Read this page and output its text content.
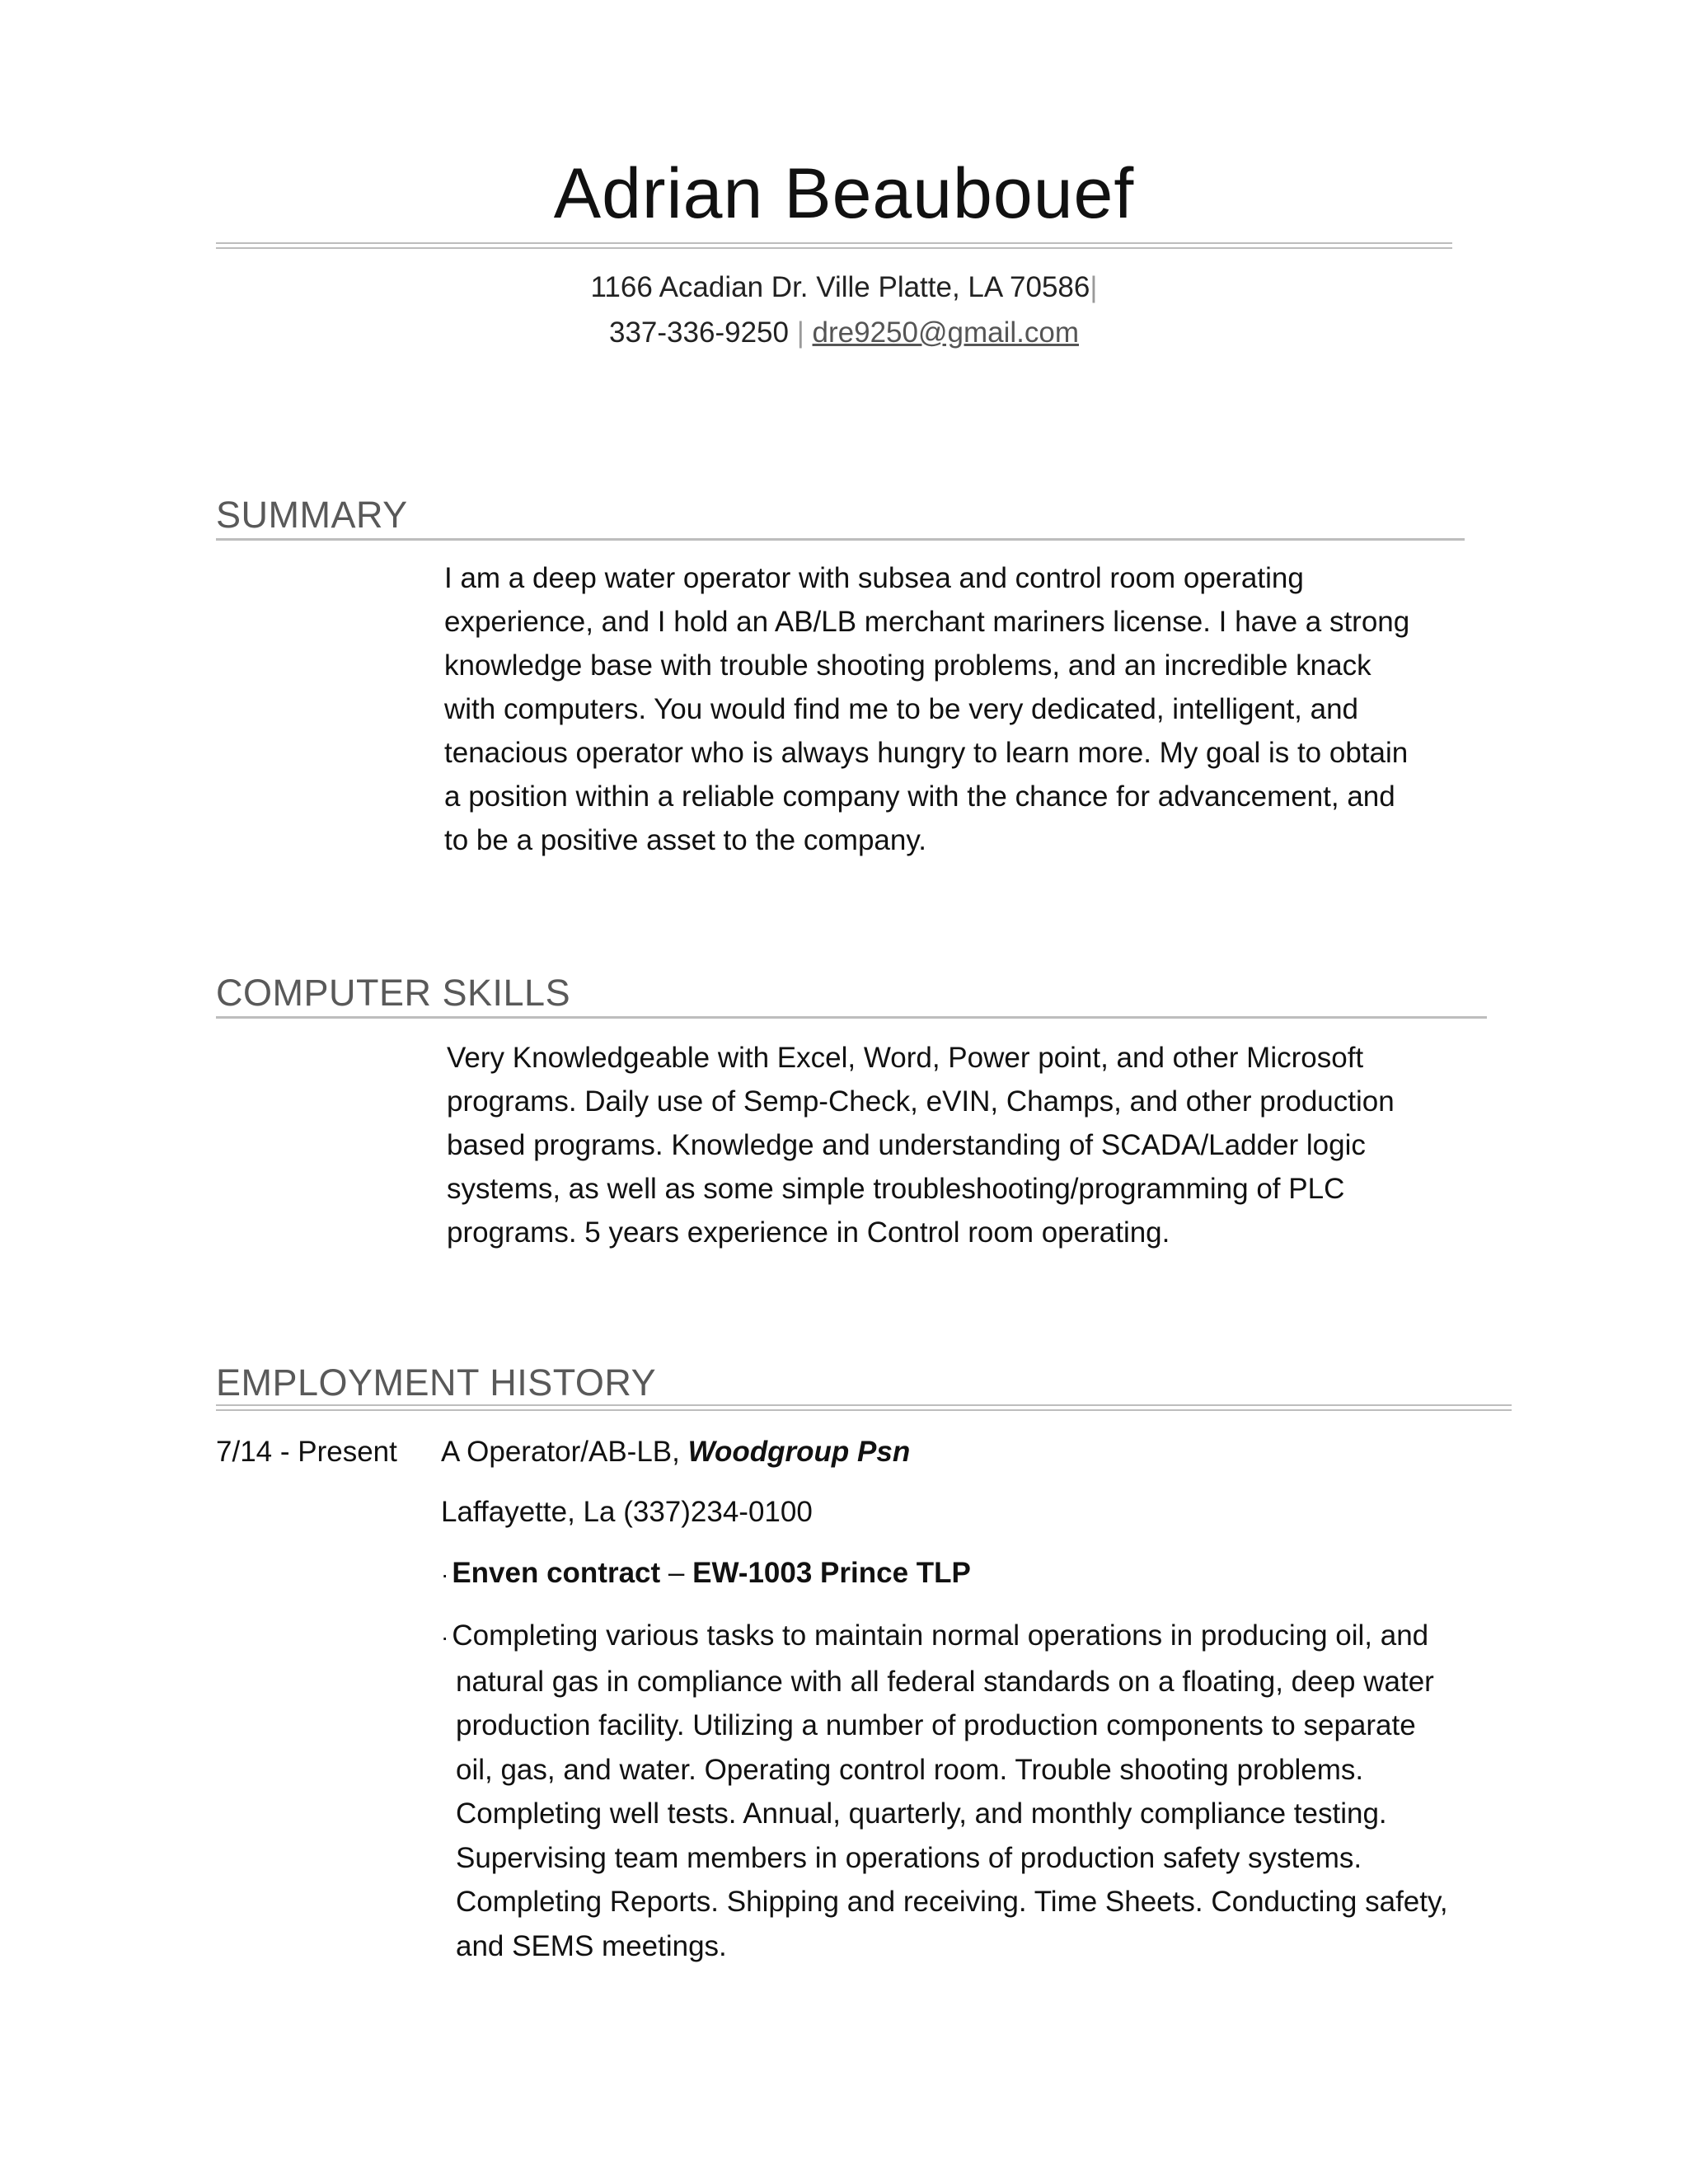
Adrian Beaubouef
1166 Acadian Dr. Ville Platte, LA 70586|
337-336-9250 | dre9250@gmail.com
SUMMARY
I am a deep water operator with subsea and control room operating
experience, and I hold an AB/LB merchant mariners license. I have a strong
knowledge base with trouble shooting problems, and an incredible knack
with computers. You would find me to be very dedicated, intelligent, and
tenacious operator who is always hungry to learn more. My goal is to obtain
a position within a reliable company with the chance for advancement, and
to be a positive asset to the company.
COMPUTER SKILLS
Very Knowledgeable with Excel, Word, Power point, and other Microsoft
programs. Daily use of Semp-Check, eVIN, Champs, and other production
based programs. Knowledge and understanding of SCADA/Ladder logic
systems, as well as some simple troubleshooting/programming of PLC
programs. 5 years experience in Control room operating.
EMPLOYMENT HISTORY
7/14 - Present A Operator/AB-LB, Woodgroup Psn
Laffayette, La (337)234-0100
· Enven contract – EW-1003 Prince TLP
· Completing various tasks to maintain normal operations in producing oil, and
natural gas in compliance with all federal standards on a floating, deep water
production facility. Utilizing a number of production components to separate
oil, gas, and water. Operating control room. Trouble shooting problems.
Completing well tests. Annual, quarterly, and monthly compliance testing.
Supervising team members in operations of production safety systems.
Completing Reports. Shipping and receiving. Time Sheets. Conducting safety,
and SEMS meetings.
